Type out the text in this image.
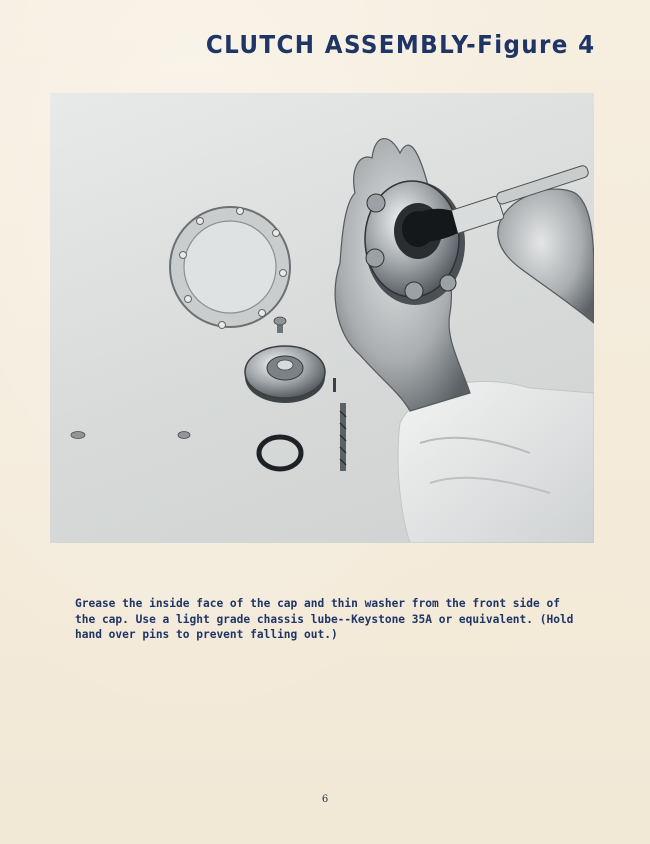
CLUTCH ASSEMBLY-Figure 4
Grease the inside face of the cap and thin washer from the front side of the cap. Use a light grade chassis lube--Keystone 35A or equivalent. (Hold hand over pins to prevent falling out.)
6
